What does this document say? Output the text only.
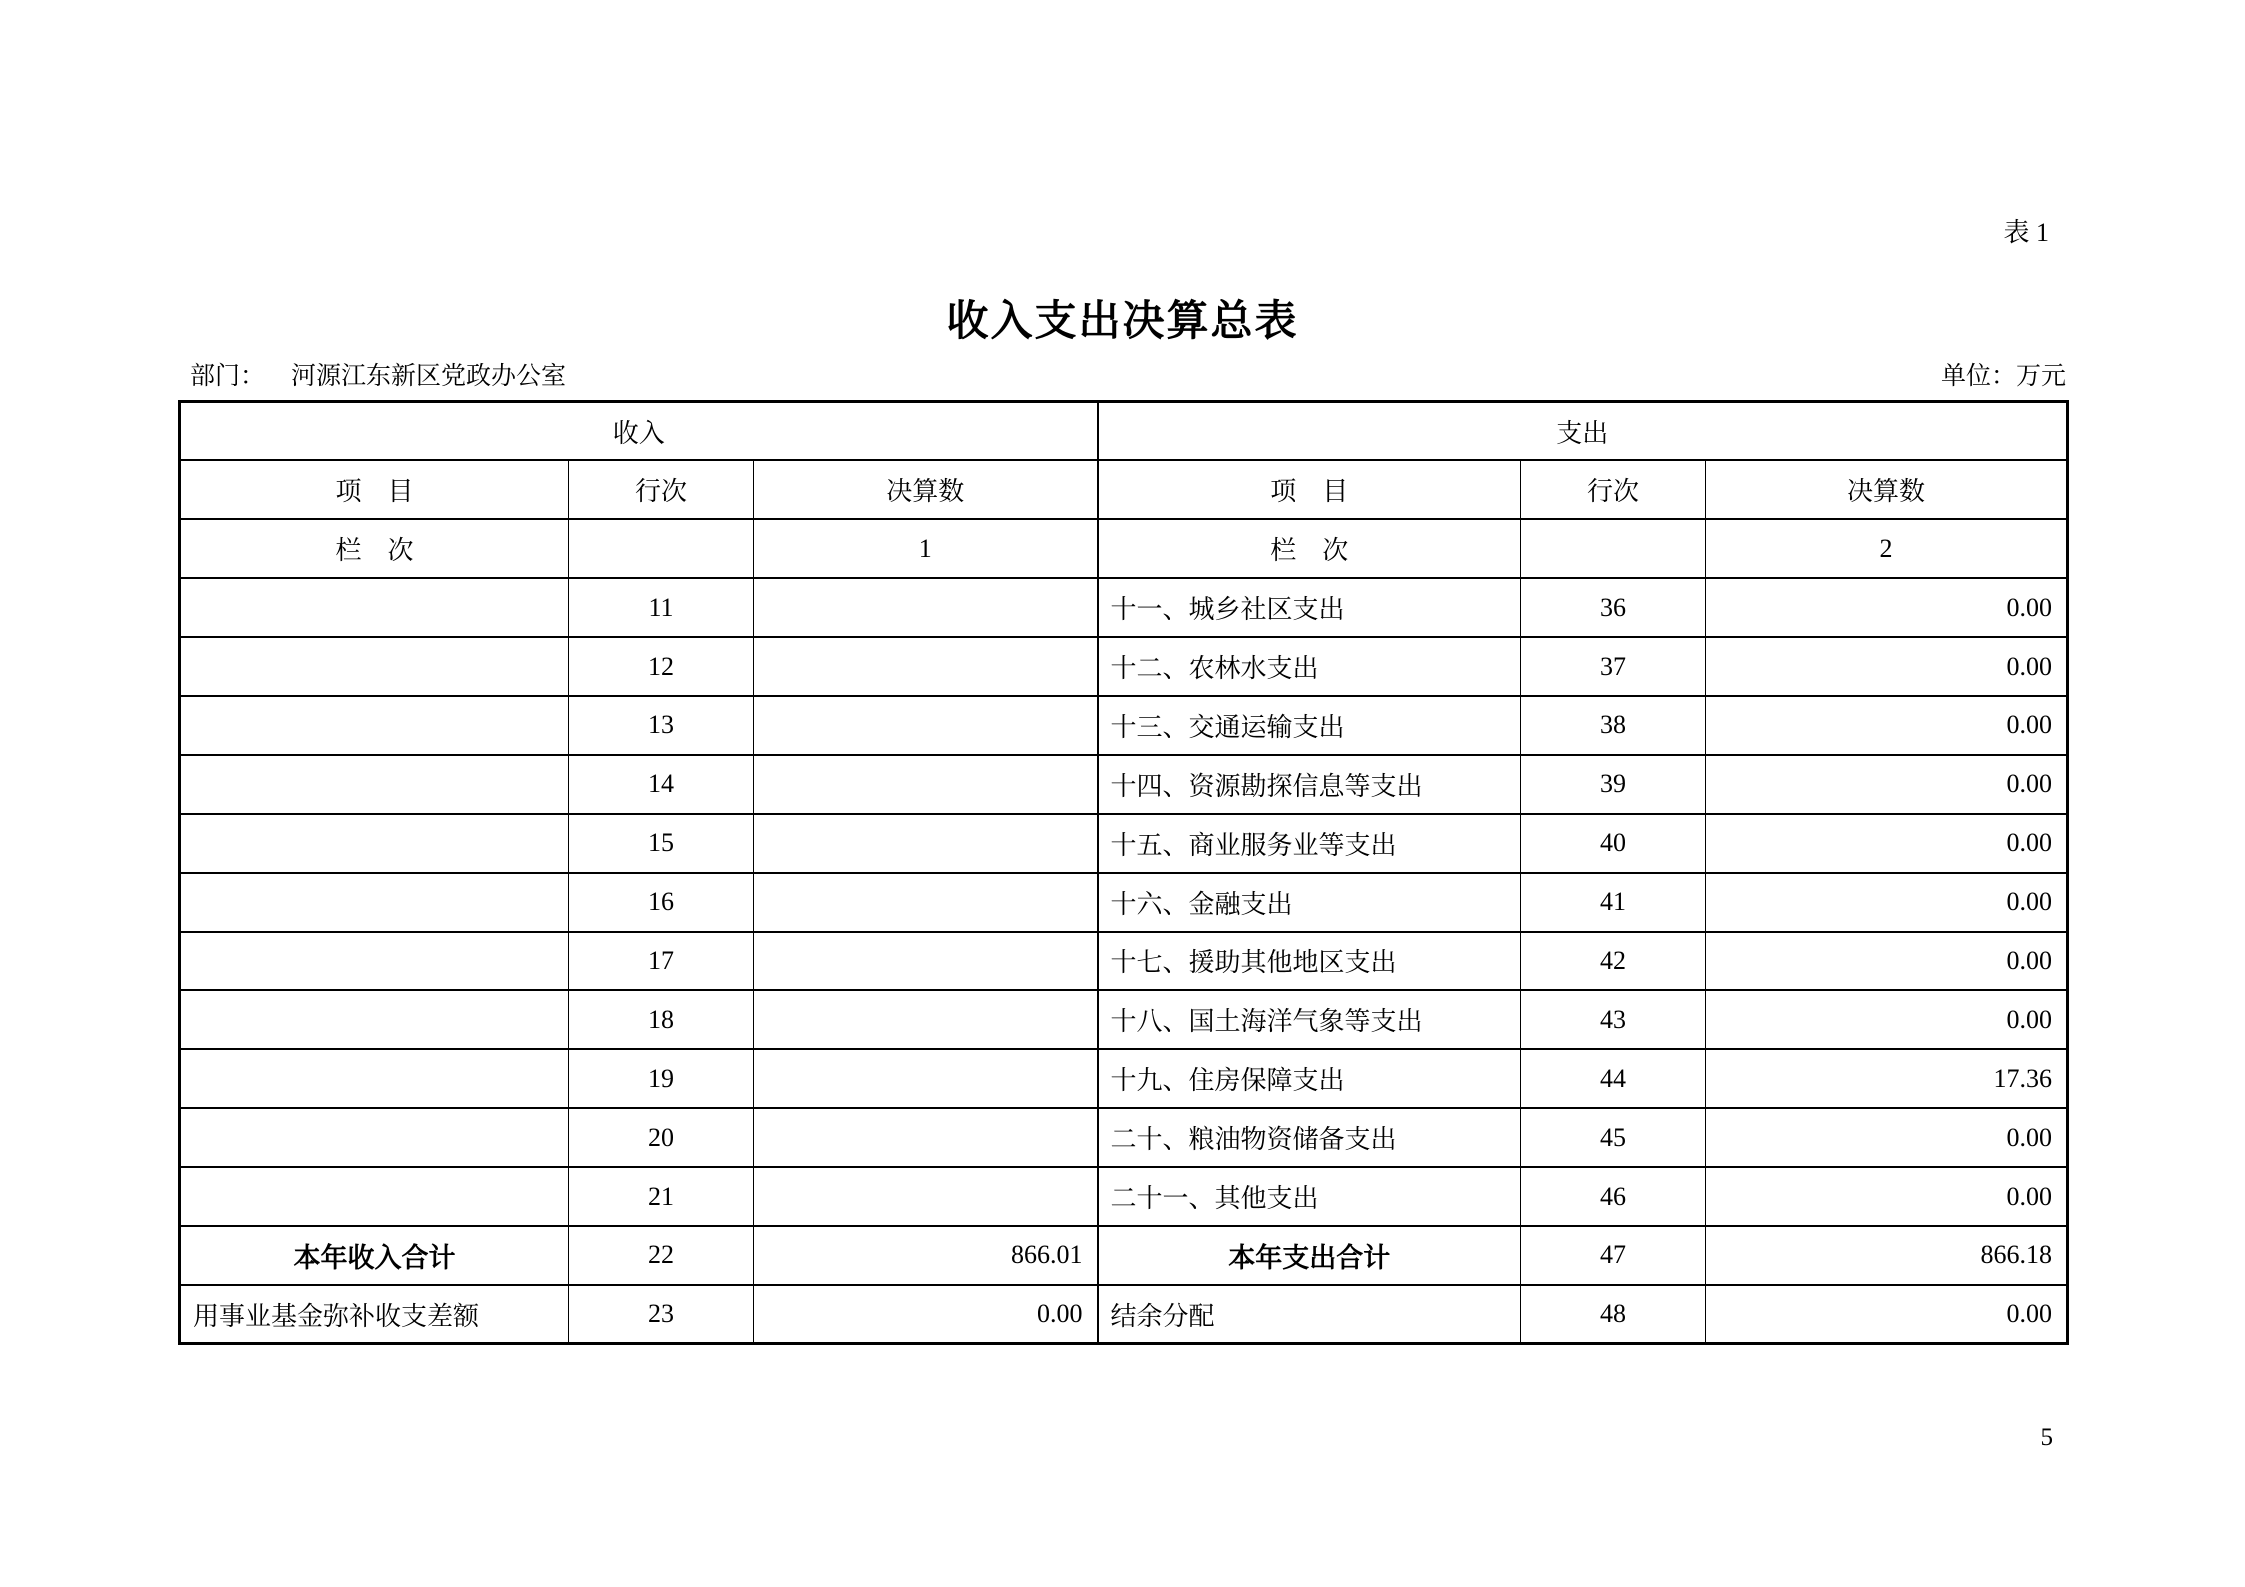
表 1
收入支出决算总表
部门： 河源江东新区党政办公室	单位：万元
收入			支出		
项　目	行次	决算数	项　目	行次	决算数
栏　次		1	栏　次		2
	11		十一、城乡社区支出	36	0.00
	12		十二、农林水支出	37	0.00
	13		十三、交通运输支出	38	0.00
	14		十四、资源勘探信息等支出	39	0.00
	15		十五、商业服务业等支出	40	0.00
	16		十六、金融支出	41	0.00
	17		十七、援助其他地区支出	42	0.00
	18		十八、国土海洋气象等支出	43	0.00
	19		十九、住房保障支出	44	17.36
	20		二十、粮油物资储备支出	45	0.00
	21		二十一、其他支出	46	0.00
本年收入合计	22	866.01	本年支出合计	47	866.18
用事业基金弥补收支差额	23	0.00	结余分配	48	0.00
5
